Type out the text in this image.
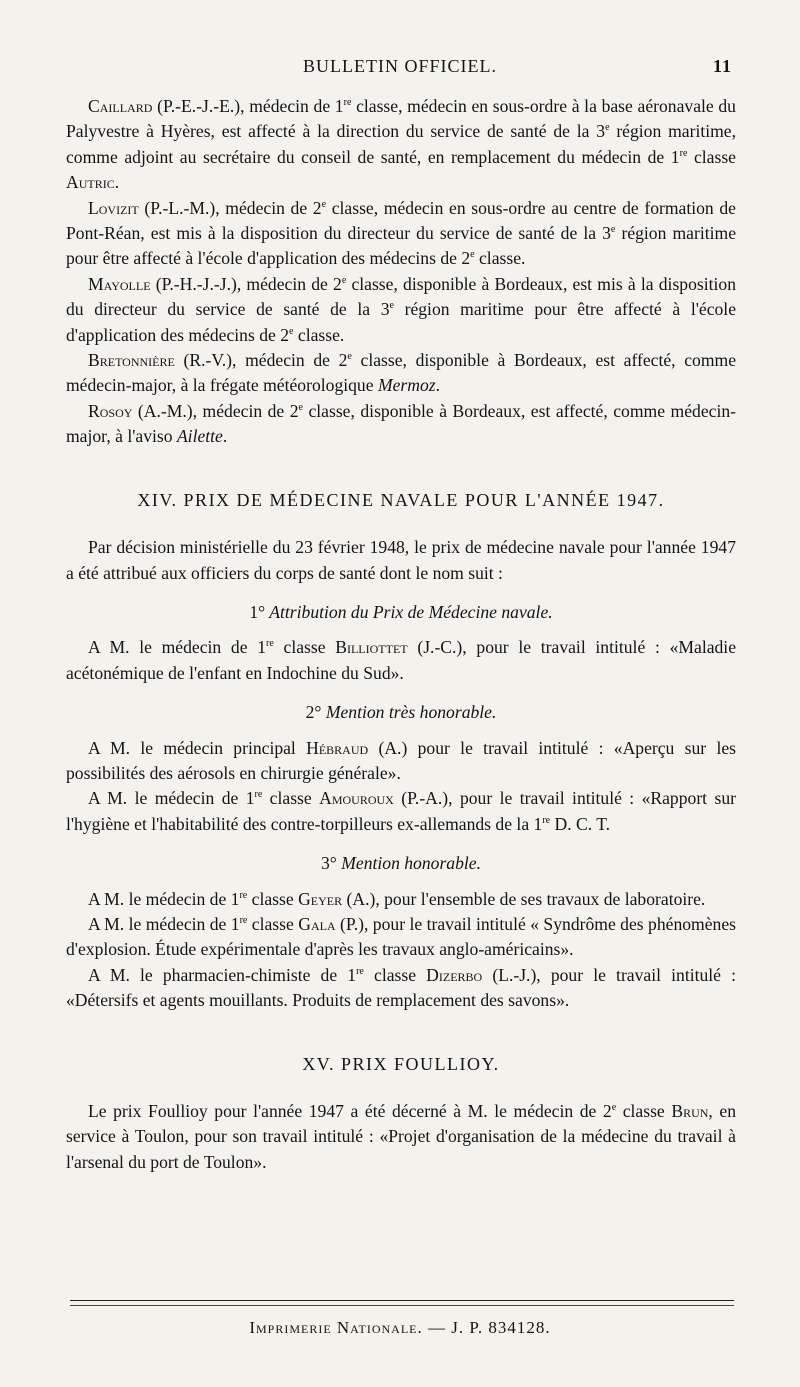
BULLETIN OFFICIEL.	11

Caillard (P.-E.-J.-E.), médecin de 1re classe, médecin en sous-ordre à la base aéronavale du Palyvestre à Hyères, est affecté à la direction du service de santé de la 3e région maritime, comme adjoint au secrétaire du conseil de santé, en remplacement du médecin de 1re classe Autric.

Lovizit (P.-L.-M.), médecin de 2e classe, médecin en sous-ordre au centre de formation de Pont-Réan, est mis à la disposition du directeur du service de santé de la 3e région maritime pour être affecté à l'école d'application des médecins de 2e classe.

Mayolle (P.-H.-J.-J.), médecin de 2e classe, disponible à Bordeaux, est mis à la disposition du directeur du service de santé de la 3e région maritime pour être affecté à l'école d'application des médecins de 2e classe.

Bretonnière (R.-V.), médecin de 2e classe, disponible à Bordeaux, est affecté, comme médecin-major, à la frégate météorologique Mermoz.

Rosoy (A.-M.), médecin de 2e classe, disponible à Bordeaux, est affecté, comme médecin-major, à l'aviso Ailette.

XIV. PRIX DE MÉDECINE NAVALE POUR L'ANNÉE 1947.

Par décision ministérielle du 23 février 1948, le prix de médecine navale pour l'année 1947 a été attribué aux officiers du corps de santé dont le nom suit :

1° Attribution du Prix de Médecine navale.

A M. le médecin de 1re classe Billiottet (J.-C.), pour le travail intitulé : «Maladie acétonémique de l'enfant en Indochine du Sud».

2° Mention très honorable.

A M. le médecin principal Hébraud (A.) pour le travail intitulé : «Aperçu sur les possibilités des aérosols en chirurgie générale».

A M. le médecin de 1re classe Amouroux (P.-A.), pour le travail intitulé : «Rapport sur l'hygiène et l'habitabilité des contre-torpilleurs ex-allemands de la 1re D. C. T.

3° Mention honorable.

A M. le médecin de 1re classe Geyer (A.), pour l'ensemble de ses travaux de laboratoire.

A M. le médecin de 1re classe Gala (P.), pour le travail intitulé « Syndrôme des phénomènes d'explosion. Étude expérimentale d'après les travaux anglo-américains».

A M. le pharmacien-chimiste de 1re classe Dizerbo (L.-J.), pour le travail intitulé : «Détersifs et agents mouillants. Produits de remplacement des savons».

XV. PRIX FOULLIOY.

Le prix Foullioy pour l'année 1947 a été décerné à M. le médecin de 2e classe Brun, en service à Toulon, pour son travail intitulé : «Projet d'organisation de la médecine du travail à l'arsenal du port de Toulon».

Imprimerie Nationale. — J. P. 834128.
